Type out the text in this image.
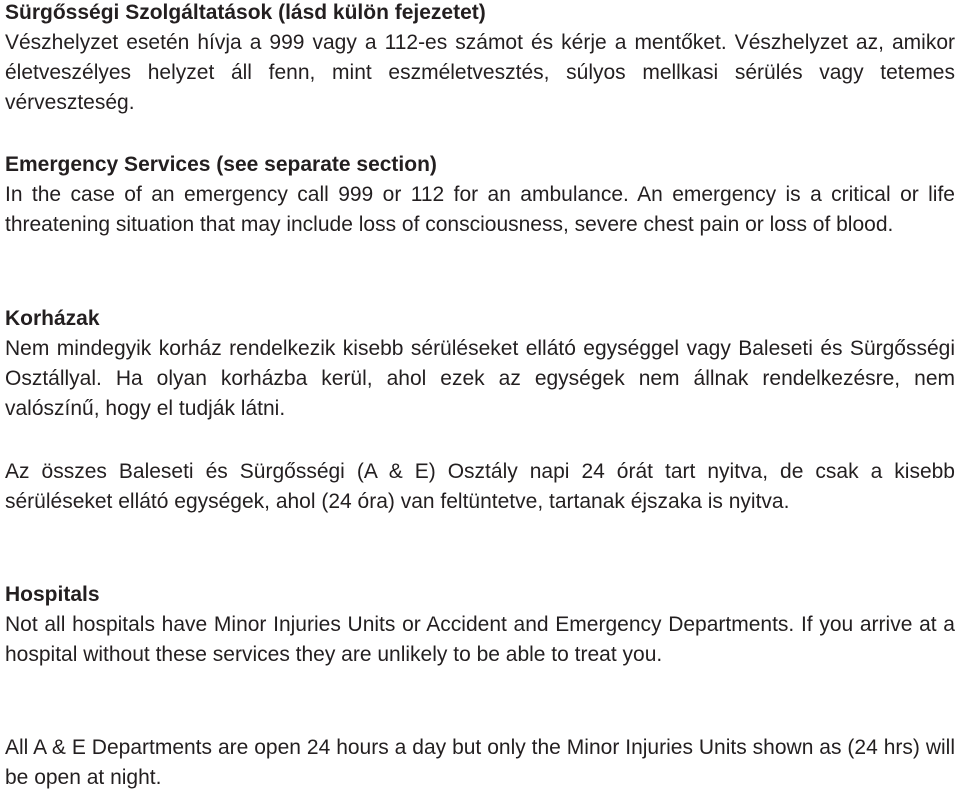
Sürgősségi Szolgáltatások (lásd külön fejezetet)

Vészhelyzet esetén hívja a 999 vagy a 112-es számot és kérje a mentőket. Vészhelyzet az, amikor életveszélyes helyzet áll fenn, mint eszméletvesztés, súlyos mellkasi sérülés vagy tetemes vérveszteség.

Emergency Services (see separate section)

In the case of an emergency call 999 or 112 for an ambulance. An emergency is a critical or life threatening situation that may include loss of consciousness, severe chest pain or loss of blood.

Korházak

Nem mindegyik korház rendelkezik kisebb sérüléseket ellátó egységgel vagy Baleseti és Sürgősségi Osztállyal. Ha olyan korházba kerül, ahol ezek az egységek nem állnak rendelkezésre, nem valószínű, hogy el tudják látni.

Az összes Baleseti és Sürgősségi (A & E) Osztály napi 24 órát tart nyitva, de csak a kisebb sérüléseket ellátó egységek, ahol (24 óra) van feltüntetve, tartanak éjszaka is nyitva.

Hospitals

Not all hospitals have Minor Injuries Units or Accident and Emergency Departments. If you arrive at a hospital without these services they are unlikely to be able to treat you.

All A & E Departments are open 24 hours a day but only the Minor Injuries Units shown as (24 hrs) will be open at night.
